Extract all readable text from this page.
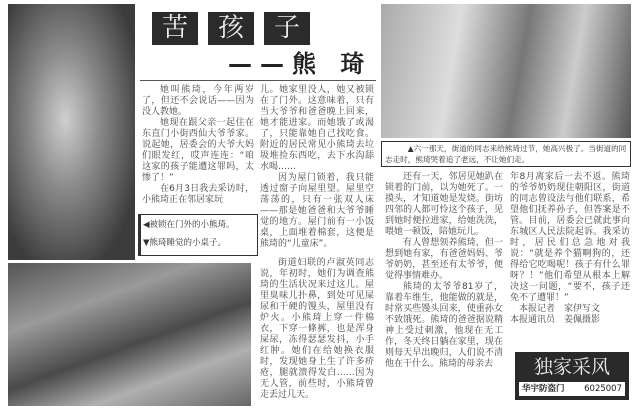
苦	孩	子
——熊 琦

她叫熊琦，今年两岁了，但还不会说话——因为没人教她。

她现在跟父亲一起住在东直门小街西仙大爷爷家。说起她，居委会的大爷大妈们眼发红，哎声连连：“咱这家的孩子能遭这罪吗，太惨了！”

在6月3日我去采访时，小熊琦正在邻居家玩

儿。她家里没人，她又被锁在了门外。这意味着，只有当大爷爷和爸爸晚上回来，她才能进家。而她饿了或渴了，只能靠她自己找吃食。附近的居民常见小熊琦去垃圾堆捡东西吃，去下水沟舔水喝……

因为屋门锁着，我只能透过窗子向屋里望。屋里空荡荡的，只有一张双人床——那是她爸爸和大爷爷睡觉的地方。屋门前有一小饭桌，上面堆着棉套，这便是熊琦的“儿童床”。

◀被锁在门外的小熊琦。
▼熊琦睡觉的小桌子。

街道妇联的卢淑英同志说，年初时，她们为调查熊琦的生活状况来过这儿。屋里臭味儿扑鼻，到处可见屎尿和干硬的馒头，屋里没有炉火。小熊琦上穿一件棉衣，下穿一條裤，也是浑身屎尿，冻得瑟瑟发抖，小手红肿。她们在给她换衣服时，发现她身上生了许多疥疮，腿就溃得发白……因为无人管，前些时，小熊琦曾走丢过几天。

▲六一那天，街道的同志来给熊琦过节，她高兴极了。当街道的同志走时，熊琦哭着追了老远，不让她们走。

还有一天，邻居见她趴在锁着的门前，以为她死了。一摸头，才知道她是发烧。街坊四邻的人都可怜这个孩子，见到她时便拉进家，给她洗洗，喂她一顿饭，陪她玩儿。

有人曾想领养熊琦，但一想到她有家，有爸爸妈妈、爷爷奶奶，甚至还有太爷爷，便觉得事情难办。

熊琦的太爷爷81岁了，靠着车维生，他能做的就是，时常买些馒头回来，使重孙女不致饿死。熊琦的爸爸据说精神上受过刺激，他现在无工作，冬天终日躺在家里，现在则每天早出晚归，人们说不清他在干什么。熊琦的母亲去

年8月离家后一去不返。熊琦的爷爷奶奶现住朝阳区，街道的同志曾设法与他们联系，希望他们抚养孙子，但答案是不管。目前，居委会已就此事向东城区人民法院起诉。我采访时，居民们总急地对我说：“就是养个猫啊狗的，还得给它吃喝呢！孩子有什么罪呀？！”他们希望从根本上解决这一问题，“要不，孩子还免不了遭罪！”

本报记者　家伊写文
本报通讯员　姜佩摄影
独家采风
华宇防盗门 6025007
